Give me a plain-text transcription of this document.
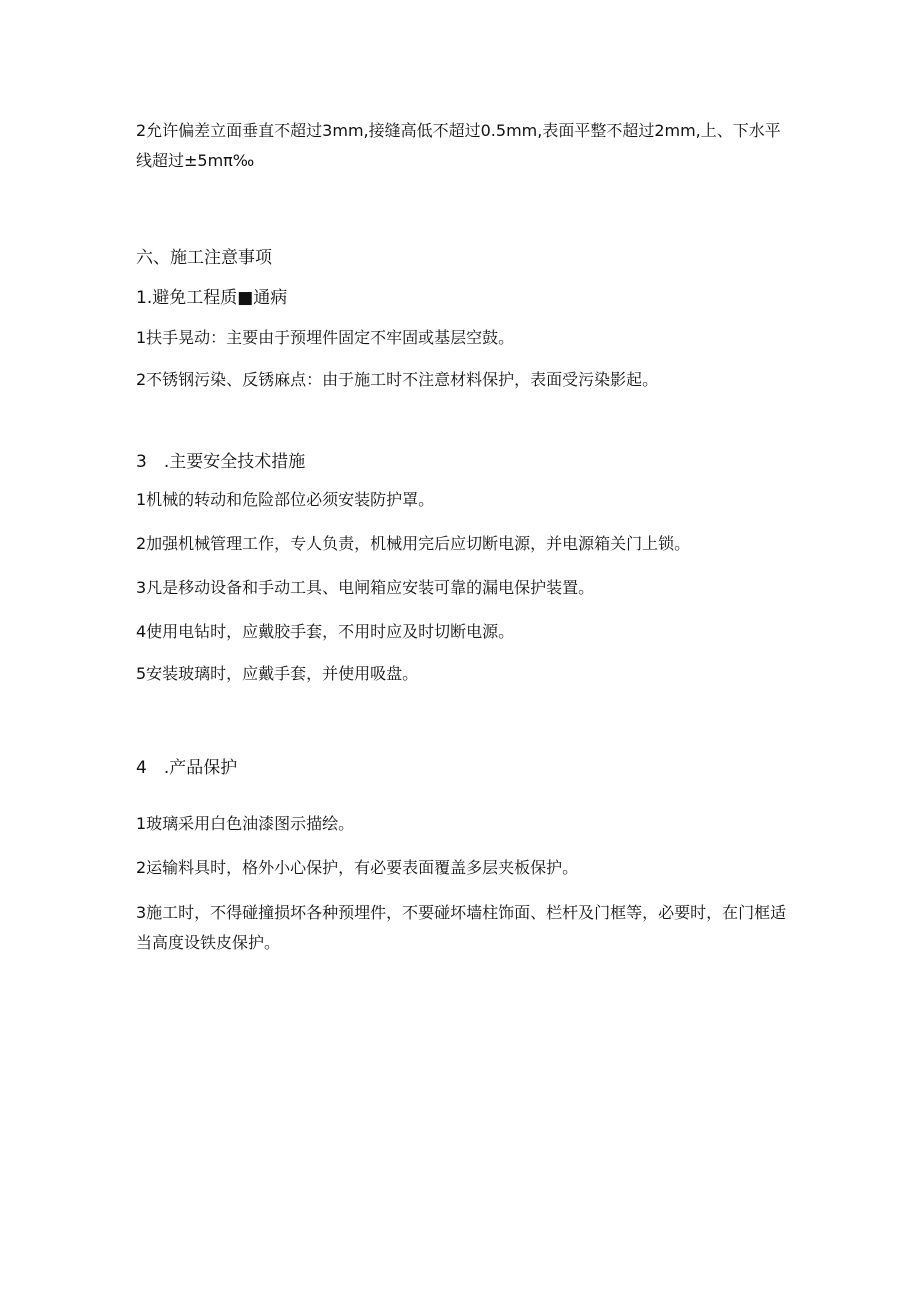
2允许偏差立面垂直不超过3mm,接缝高低不超过0.5mm,表面平整不超过2mm,上、下水平线超过±5mπ‰
六、施工注意事项
1.避免工程质■通病
1扶手晃动：主要由于预埋件固定不牢固或基层空鼓。
2不锈钢污染、反锈麻点：由于施工时不注意材料保护，表面受污染影起。
3　.主要安全技术措施
1机械的转动和危险部位必须安装防护罩。
2加强机械管理工作，专人负责，机械用完后应切断电源，并电源箱关门上锁。
3凡是移动设备和手动工具、电闸箱应安装可靠的漏电保护装置。
4使用电钻时，应戴胶手套，不用时应及时切断电源。
5安装玻璃时，应戴手套，并使用吸盘。
4　.产品保护
1玻璃采用白色油漆图示描绘。
2运输料具时，格外小心保护，有必要表面覆盖多层夹板保护。
3施工时，不得碰撞损坏各种预埋件，不要碰坏墙柱饰面、栏杆及门框等，必要时，在门框适当高度设铁皮保护。
